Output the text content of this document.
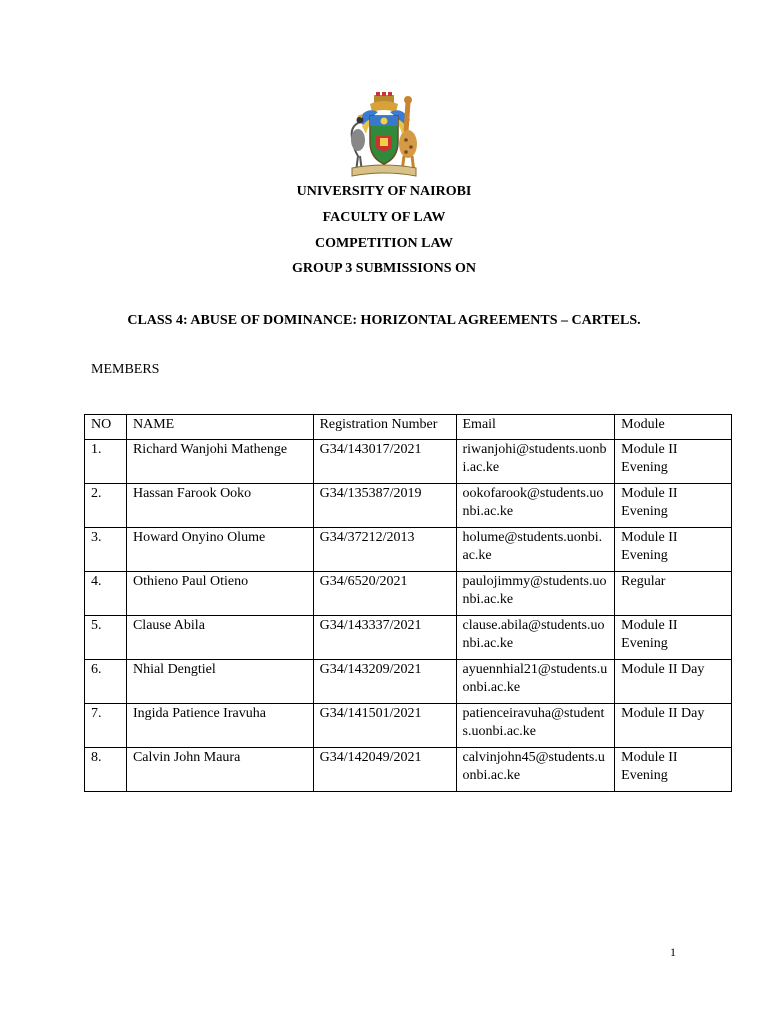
UNIVERSITY OF NAIROBI
FACULTY OF LAW
COMPETITION LAW
GROUP 3 SUBMISSIONS ON
CLASS 4: ABUSE OF DOMINANCE: HORIZONTAL AGREEMENTS – CARTELS.
MEMBERS
NO	NAME	Registration Number	Email	Module
1.	Richard Wanjohi Mathenge	G34/143017/2021	riwanjohi@students.uonbi.ac.ke	Module II Evening
2.	Hassan Farook Ooko	G34/135387/2019	ookofarook@students.uonbi.ac.ke	Module II Evening
3.	Howard Onyino Olume	G34/37212/2013	holume@students.uonbi.ac.ke	Module II Evening
4.	Othieno Paul Otieno	G34/6520/2021	paulojimmy@students.uonbi.ac.ke	Regular
5.	Clause Abila	G34/143337/2021	clause.abila@students.uonbi.ac.ke	Module II Evening
6.	Nhial Dengtiel	G34/143209/2021	ayuennhial21@students.uonbi.ac.ke	Module II Day
7.	Ingida Patience Iravuha	G34/141501/2021	patienceiravuha@students.uonbi.ac.ke	Module II Day
8.	Calvin John Maura	G34/142049/2021	calvinjohn45@students.uonbi.ac.ke	Module II Evening
1
